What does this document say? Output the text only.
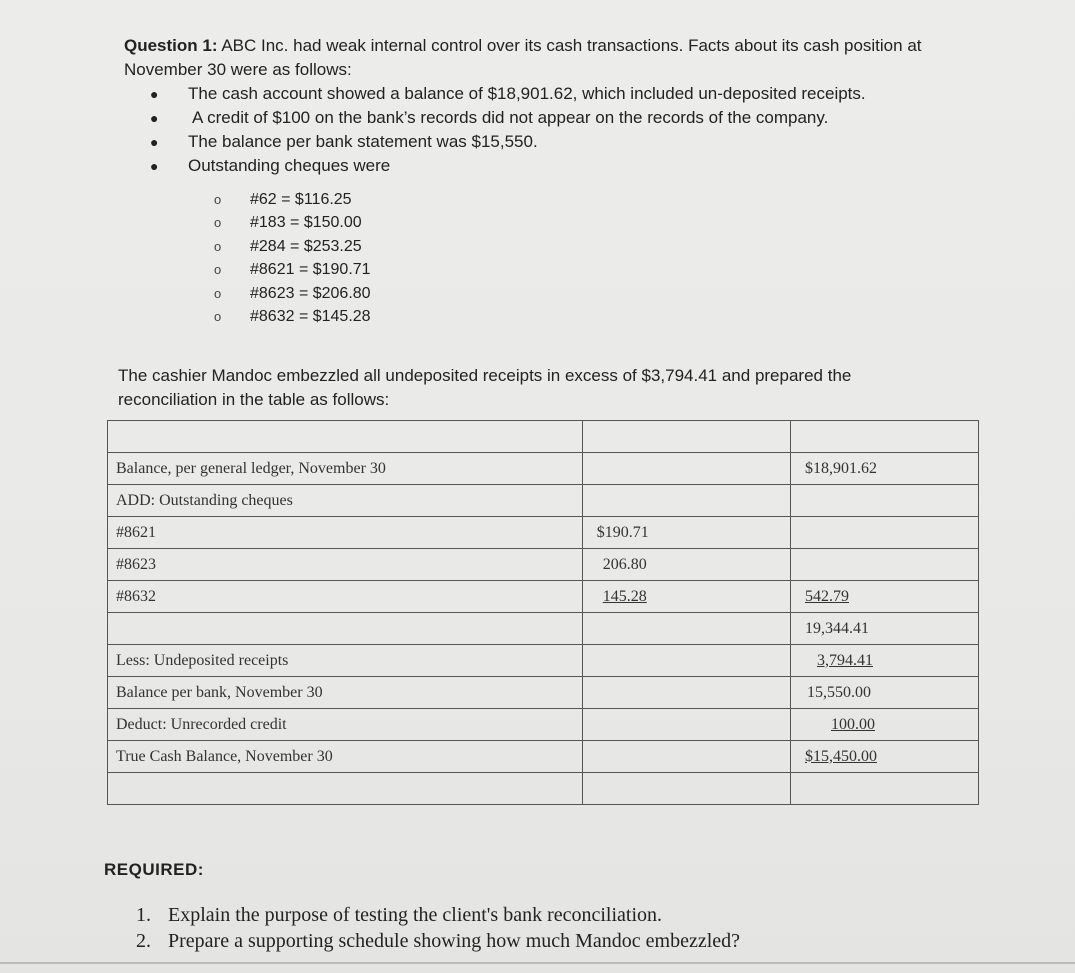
Question 1: ABC Inc. had weak internal control over its cash transactions. Facts about its cash position at November 30 were as follows:
●	The cash account showed a balance of $18,901.62, which included un-deposited receipts.
●	A credit of $100 on the bank’s records did not appear on the records of the company.
●	The balance per bank statement was $15,550.
●	Outstanding cheques were
o #62 = $116.25
o #183 = $150.00
o #284 = $253.25
o #8621 = $190.71
o #8623 = $206.80
o #8632 = $145.28
The cashier Mandoc embezzled all undeposited receipts in excess of $3,794.41 and prepared the reconciliation in the table as follows:

Balance, per general ledger, November 30		$18,901.62
ADD: Outstanding cheques		
#8621	$190.71	
#8623	206.80	
#8632	145.28	542.79
		19,344.41
Less: Undeposited receipts		3,794.41
Balance per bank, November 30		15,550.00
Deduct: Unrecorded credit		100.00
True Cash Balance, November 30		$15,450.00

REQUIRED:
1. Explain the purpose of testing the client's bank reconciliation.
2. Prepare a supporting schedule showing how much Mandoc embezzled?
